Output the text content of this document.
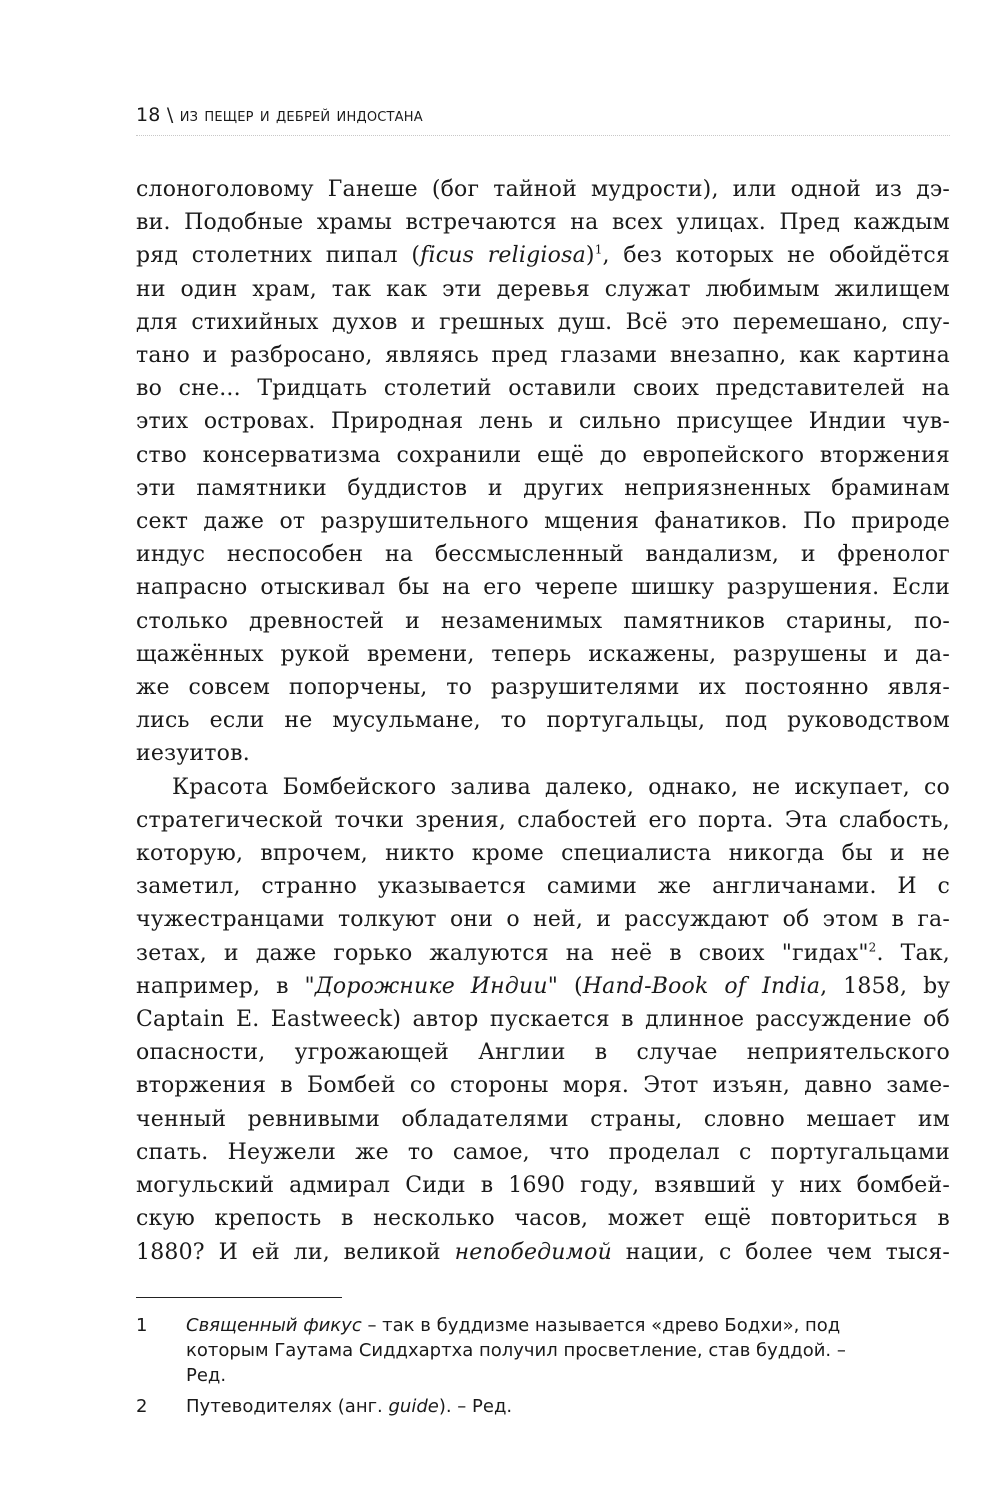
18 \ из пещер и дебрей индостана
слоноголовому Ганеше (бог тайной мудрости), или одной из дэ-
ви. Подобные храмы встречаются на всех улицах. Пред каждым
ряд столетних пипал (ficus religiosa)$^1$, без которых не обойдётся
ни один храм, так как эти деревья служат любимым жилищем
для стихийных духов и грешных душ. Всё это перемешано, спу-
тано и разбросано, являясь пред глазами внезапно, как картина
во сне... Тридцать столетий оставили своих представителей на
этих островах. Природная лень и сильно присущее Индии чув-
ство консерватизма сохранили ещё до европейского вторжения
эти памятники буддистов и других неприязненных браминам
сект даже от разрушительного мщения фанатиков. По природе
индус неспособен на бессмысленный вандализм, и френолог
напрасно отыскивал бы на его черепе шишку разрушения. Если
столько древностей и незаменимых памятников старины, по-
щажённых рукой времени, теперь искажены, разрушены и да-
же совсем попорчены, то разрушителями их постоянно явля-
лись если не мусульмане, то португальцы, под руководством
иезуитов.
Красота Бомбейского залива далеко, однако, не искупает, со
стратегической точки зрения, слабостей его порта. Эта слабость,
которую, впрочем, никто кроме специалиста никогда бы и не
заметил, странно указывается самими же англичанами. И с
чужестранцами толкуют они о ней, и рассуждают об этом в га-
зетах, и даже горько жалуются на неё в своих "гидах"$^2$. Так,
например, в "Дорожнике Индии" (Hand-Book of India, 1858, by
Captain E. Eastweeck) автор пускается в длинное рассуждение об
опасности, угрожающей Англии в случае неприятельского
вторжения в Бомбей со стороны моря. Этот изъян, давно заме-
ченный ревнивыми обладателями страны, словно мешает им
спать. Неужели же то самое, что проделал с португальцами
могульский адмирал Сиди в 1690 году, взявший у них бомбей-
скую крепость в несколько часов, может ещё повториться в
1880? И ей ли, великой непобедимой нации, с более чем тыся-
1	Священный фикус – так в буддизме называется «древо Бодхи», под
которым Гаутама Сиддхартха получил просветление, став буддой. –
Ред.
2	Путеводителях (анг. guide). – Ред.
